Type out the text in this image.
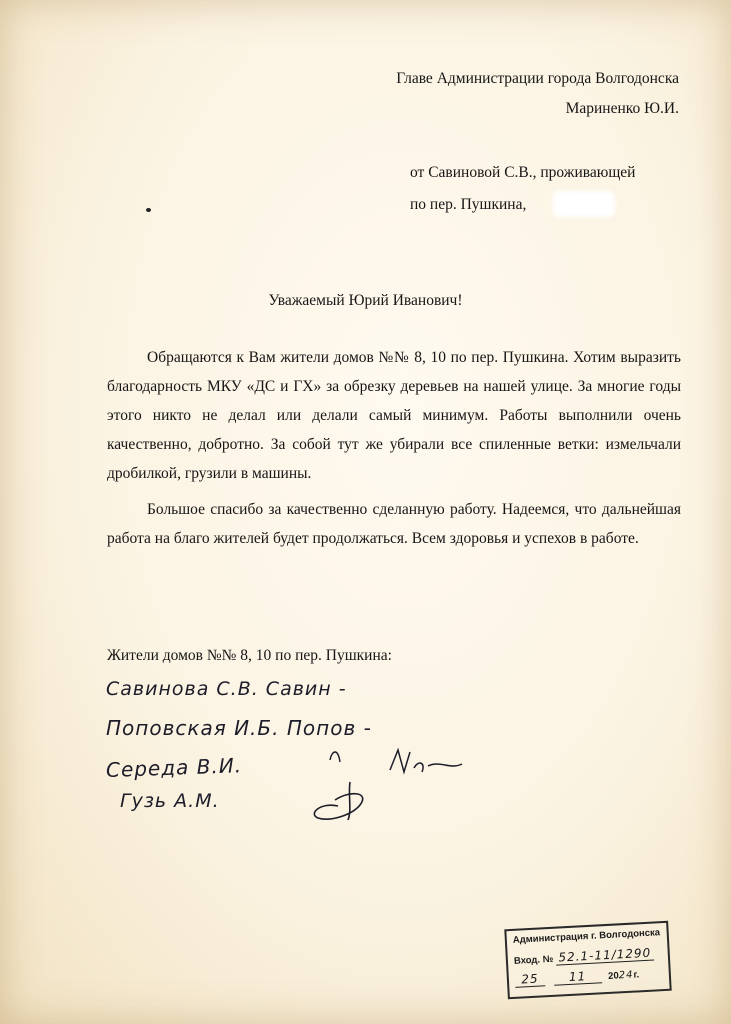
Главе Администрации города Волгодонска
Мариненко Ю.И.
от Савиновой С.В., проживающей
по пер. Пушкина,
Уважаемый Юрий Иванович!
Обращаются к Вам жители домов №№ 8, 10 по пер. Пушкина. Хотим выразить благодарность МКУ «ДС и ГХ» за обрезку деревьев на нашей улице. За многие годы этого никто не делал или делали самый минимум. Работы выполнили очень качественно, добротно. За собой тут же убирали все спиленные ветки: измельчали дробилкой, грузили в машины.
Большое спасибо за качественно сделанную работу. Надеемся, что дальнейшая работа на благо жителей будет продолжаться. Всем здоровья и успехов в работе.
Жители домов №№ 8, 10 по пер. Пушкина:
Савинова С.В. Савин -
Поповская И.Б. Попов -
Середа В.И.
Гузь А.М.
Администрация г. Волгодонска
Вход. № 52.1-11/1290
25 11 2024г.
